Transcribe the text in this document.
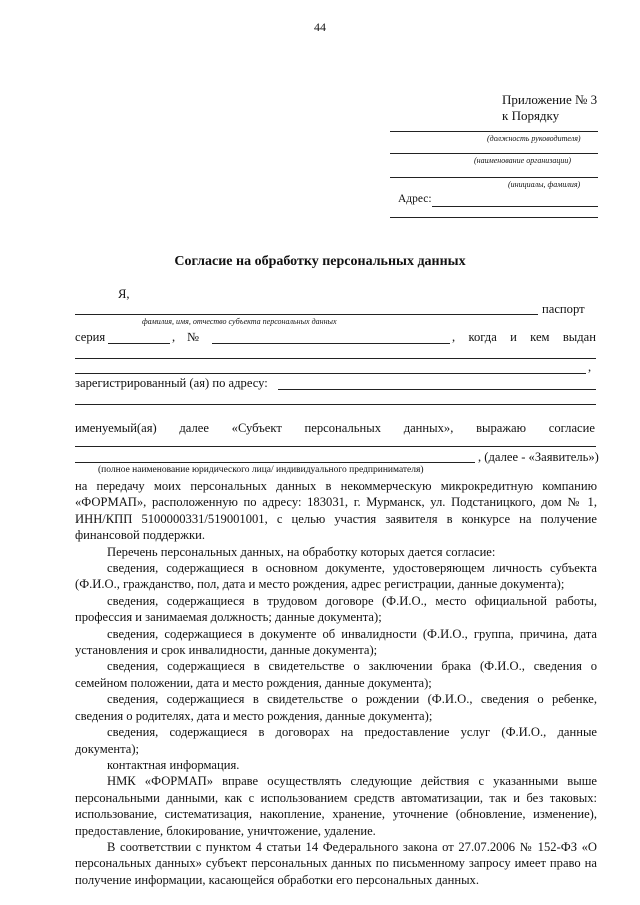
44
Приложение № 3
к Порядку
(должность руководителя)
(наименование организации)
(инициалы, фамилия)
Адрес:
Согласие на обработку персональных данных
Я,
паспорт
фамилия, имя, отчество субъекта персональных данных
серия	, №	, когда и кем выдан
,
зарегистрированный (ая) по адресу:
именуемый(ая) далее «Субъект персональных данных», выражаю согласие
, (далее - «Заявитель»)
(полное наименование юридического лица/ индивидуального предпринимателя)

на передачу моих персональных данных в некоммерческую микрокредитную компанию «ФОРМАП», расположенную по адресу: 183031, г. Мурманск, ул. Подстаницкого, дом № 1, ИНН/КПП 5100000331/519001001, с целью участия заявителя в конкурсе на получение финансовой поддержки.

Перечень персональных данных, на обработку которых дается согласие:

сведения, содержащиеся в основном документе, удостоверяющем личность субъекта (Ф.И.О., гражданство, пол, дата и место рождения, адрес регистрации, данные документа);

сведения, содержащиеся в трудовом договоре (Ф.И.О., место официальной работы, профессия и занимаемая должность; данные документа);

сведения, содержащиеся в документе об инвалидности (Ф.И.О., группа, причина, дата установления и срок инвалидности, данные документа);

сведения, содержащиеся в свидетельстве о заключении брака (Ф.И.О., сведения о семейном положении, дата и место рождения, данные документа);

сведения, содержащиеся в свидетельстве о рождении (Ф.И.О., сведения о ребенке, сведения о родителях, дата и место рождения, данные документа);

сведения, содержащиеся в договорах на предоставление услуг (Ф.И.О., данные документа);

контактная информация.

НМК «ФОРМАП» вправе осуществлять следующие действия с указанными выше персональными данными, как с использованием средств автоматизации, так и без таковых: использование, систематизация, накопление, хранение, уточнение (обновление, изменение), предоставление, блокирование, уничтожение, удаление.

В соответствии с пунктом 4 статьи 14 Федерального закона от 27.07.2006 № 152-ФЗ «О персональных данных» субъект персональных данных по письменному запросу имеет право на получение информации, касающейся обработки его персональных данных.
